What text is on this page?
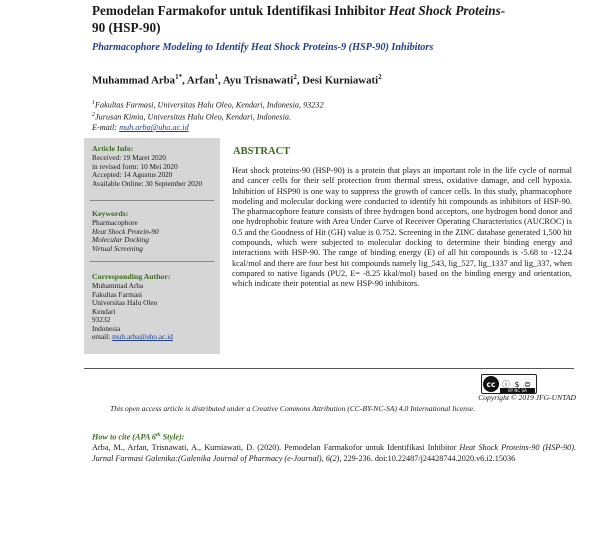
Pemodelan Farmakofor untuk Identifikasi Inhibitor Heat Shock Proteins-
90 (HSP-90)
Pharmacophore Modeling to Identify Heat Shock Proteins-9 (HSP-90) Inhibitors
Muhammad Arba$^{1*}$, Arfan$^1$, Ayu Trisnawati$^2$, Desi Kurniawati$^2$
$^1$Fakultas Farmasi, Universitas Halu Oleo, Kendari, Indonesia, 93232
$^2$Jurusan Kimia, Universitas Halu Oleo, Kendari, Indonesia.
E-mail: muh.arba@uho.ac.id
Article Info:
Received: 19 Maret 2020
in revised form: 10 Mei 2020
Accepted: 14 Agustus 2020
Available Online: 30 September 2020
Keywords:
Pharmacophore
Heat Shock Protein-90
Molecular Docking
Virtual Screening
Corresponding Author:
Muhammad Arba
Fakultas Farmasi
Universitas Halu Oleo
Kendari
93232
Indonesia
email: muh.arba@uho.ac.id
ABSTRACT
Heat shock proteins-90 (HSP-90) is a protein that plays an important role in the life cycle of normal and cancer cells for their self protection from thermal stress, oxidative damage, and cell hypoxia. Inhibition of HSP90 is one way to suppress the growth of cancer cells. In this study, pharmacophore modeling and molecular docking were conducted to identify hit compounds as inhibitors of HSP-90. The pharmacophore feature consists of three hydrogen bond acceptors, one hydrogen bond donor and one hydrophobic feature with Area Under Curve of Receiver Operating Characteristics (AUCROC) is 0.5 and the Goodness of Hit (GH) value is 0.752. Screening in the ZINC database generated 1,500 hit compounds, which were subjected to molecular docking to determine their binding energy and interactions with HSP-90. The range of binding energy (E) of all hit compounds is -5.68 to -12.24 kcal/mol and there are four best hit compounds namely lig_543, lig_527, lig_1337 and lig_337, when compared to native ligands (PU2, E= -8.25 kkal/mol) based on the binding energy and orientation, which indicate their potential as new HSP-90 inhibitors.
cc ⓘ $ ⊜
BY NC SA
Copyright © 2019 JFG-UNTAD
This open access article is distributed under a Creative Commons Attribution (CC-BY-NC-SA) 4.0 International license.
How to cite (APA 6th Style):
Arba, M., Arfan, Trisnawati, A., Kurniawati, D. (2020). Pemodelan Farmakofor untuk Identifikasi Inhibitor Heat Shock Proteins-90 (HSP-90). Jurnal Farmasi Galenika:(Galenika Journal of Pharmacy (e-Journal), 6(2), 229-236. doi:10.22487/j24428744.2020.v6.i2.15036
